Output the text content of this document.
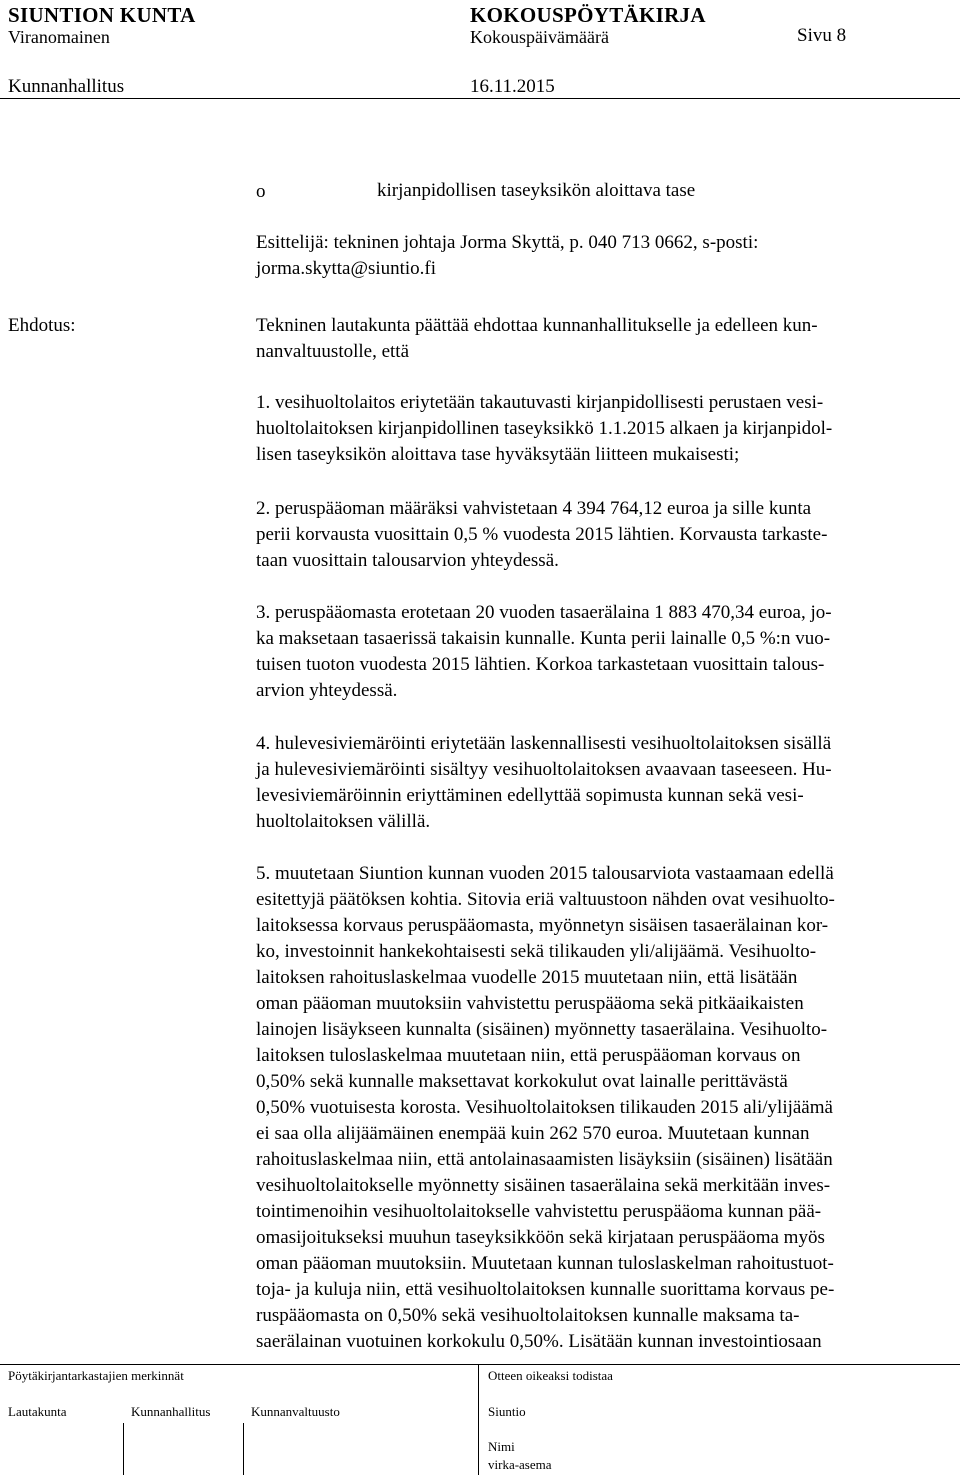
SIUNTION KUNTA	KOKOUSPÖYTÄKIRJA
Viranomainen	Kokouspäivämäärä	Sivu 8
Kunnanhallitus	16.11.2015
o	kirjanpidollisen taseyksikön aloittava tase
Esittelijä: tekninen johtaja Jorma Skyttä, p. 040 713 0662, s-posti:
jorma.skytta@siuntio.fi
Ehdotus:	Tekninen lautakunta päättää ehdottaa kunnanhallitukselle ja edelleen kun-
nanvaltuustolle, että
1. vesihuoltolaitos eriytetään takautuvasti kirjanpidollisesti perustaen vesi-
huoltolaitoksen kirjanpidollinen taseyksikkö 1.1.2015 alkaen ja kirjanpidol-
lisen taseyksikön aloittava tase hyväksytään liitteen mukaisesti;
2. peruspääoman määräksi vahvistetaan 4 394 764,12 euroa ja sille kunta
perii korvausta vuosittain 0,5 % vuodesta 2015 lähtien. Korvausta tarkaste-
taan vuosittain talousarvion yhteydessä.
3. peruspääomasta erotetaan 20 vuoden tasaerälaina 1 883 470,34 euroa, jo-
ka maksetaan tasaerissä takaisin kunnalle. Kunta perii lainalle 0,5 %:n vuo-
tuisen tuoton vuodesta 2015 lähtien. Korkoa tarkastetaan vuosittain talous-
arvion yhteydessä.
4. hulevesiviemäröinti eriytetään laskennallisesti vesihuoltolaitoksen sisällä
ja hulevesiviemäröinti sisältyy vesihuoltolaitoksen avaavaan taseeseen. Hu-
levesiviemäröinnin eriyttäminen edellyttää sopimusta kunnan sekä vesi-
huoltolaitoksen välillä.
5. muutetaan Siuntion kunnan vuoden 2015 talousarviota vastaamaan edellä
esitettyjä päätöksen kohtia. Sitovia eriä valtuustoon nähden ovat vesihuolto-
laitoksessa korvaus peruspääomasta, myönnetyn sisäisen tasaerälainan kor-
ko, investoinnit hankekohtaisesti sekä tilikauden yli/alijäämä. Vesihuolto-
laitoksen rahoituslaskelmaa vuodelle 2015 muutetaan niin, että lisätään
oman pääoman muutoksiin vahvistettu peruspääoma sekä pitkäaikaisten
lainojen lisäykseen kunnalta (sisäinen) myönnetty tasaerälaina. Vesihuolto-
laitoksen tuloslaskelmaa muutetaan niin, että peruspääoman korvaus on
0,50% sekä kunnalle maksettavat korkokulut ovat lainalle perittävästä
0,50% vuotuisesta korosta. Vesihuoltolaitoksen tilikauden 2015 ali/ylijäämä
ei saa olla alijäämäinen enempää kuin 262 570 euroa. Muutetaan kunnan
rahoituslaskelmaa niin, että antolainasaamisten lisäyksiin (sisäinen) lisätään
vesihuoltolaitokselle myönnetty sisäinen tasaerälaina sekä merkitään inves-
tointimenoihin vesihuoltolaitokselle vahvistettu peruspääoma kunnan pää-
omasijoitukseksi muuhun taseyksikköön sekä kirjataan peruspääoma myös
oman pääoman muutoksiin. Muutetaan kunnan tuloslaskelman rahoitustuot-
toja- ja kuluja niin, että vesihuoltolaitoksen kunnalle suorittama korvaus pe-
ruspääomasta on 0,50% sekä vesihuoltolaitoksen kunnalle maksama ta-
saerälainan vuotuinen korkokulu 0,50%. Lisätään kunnan investointiosaan
Pöytäkirjantarkastajien merkinnät	Otteen oikeaksi todistaa
Lautakunta	Kunnanhallitus	Kunnanvaltuusto	Siuntio
Nimi
virka-asema
